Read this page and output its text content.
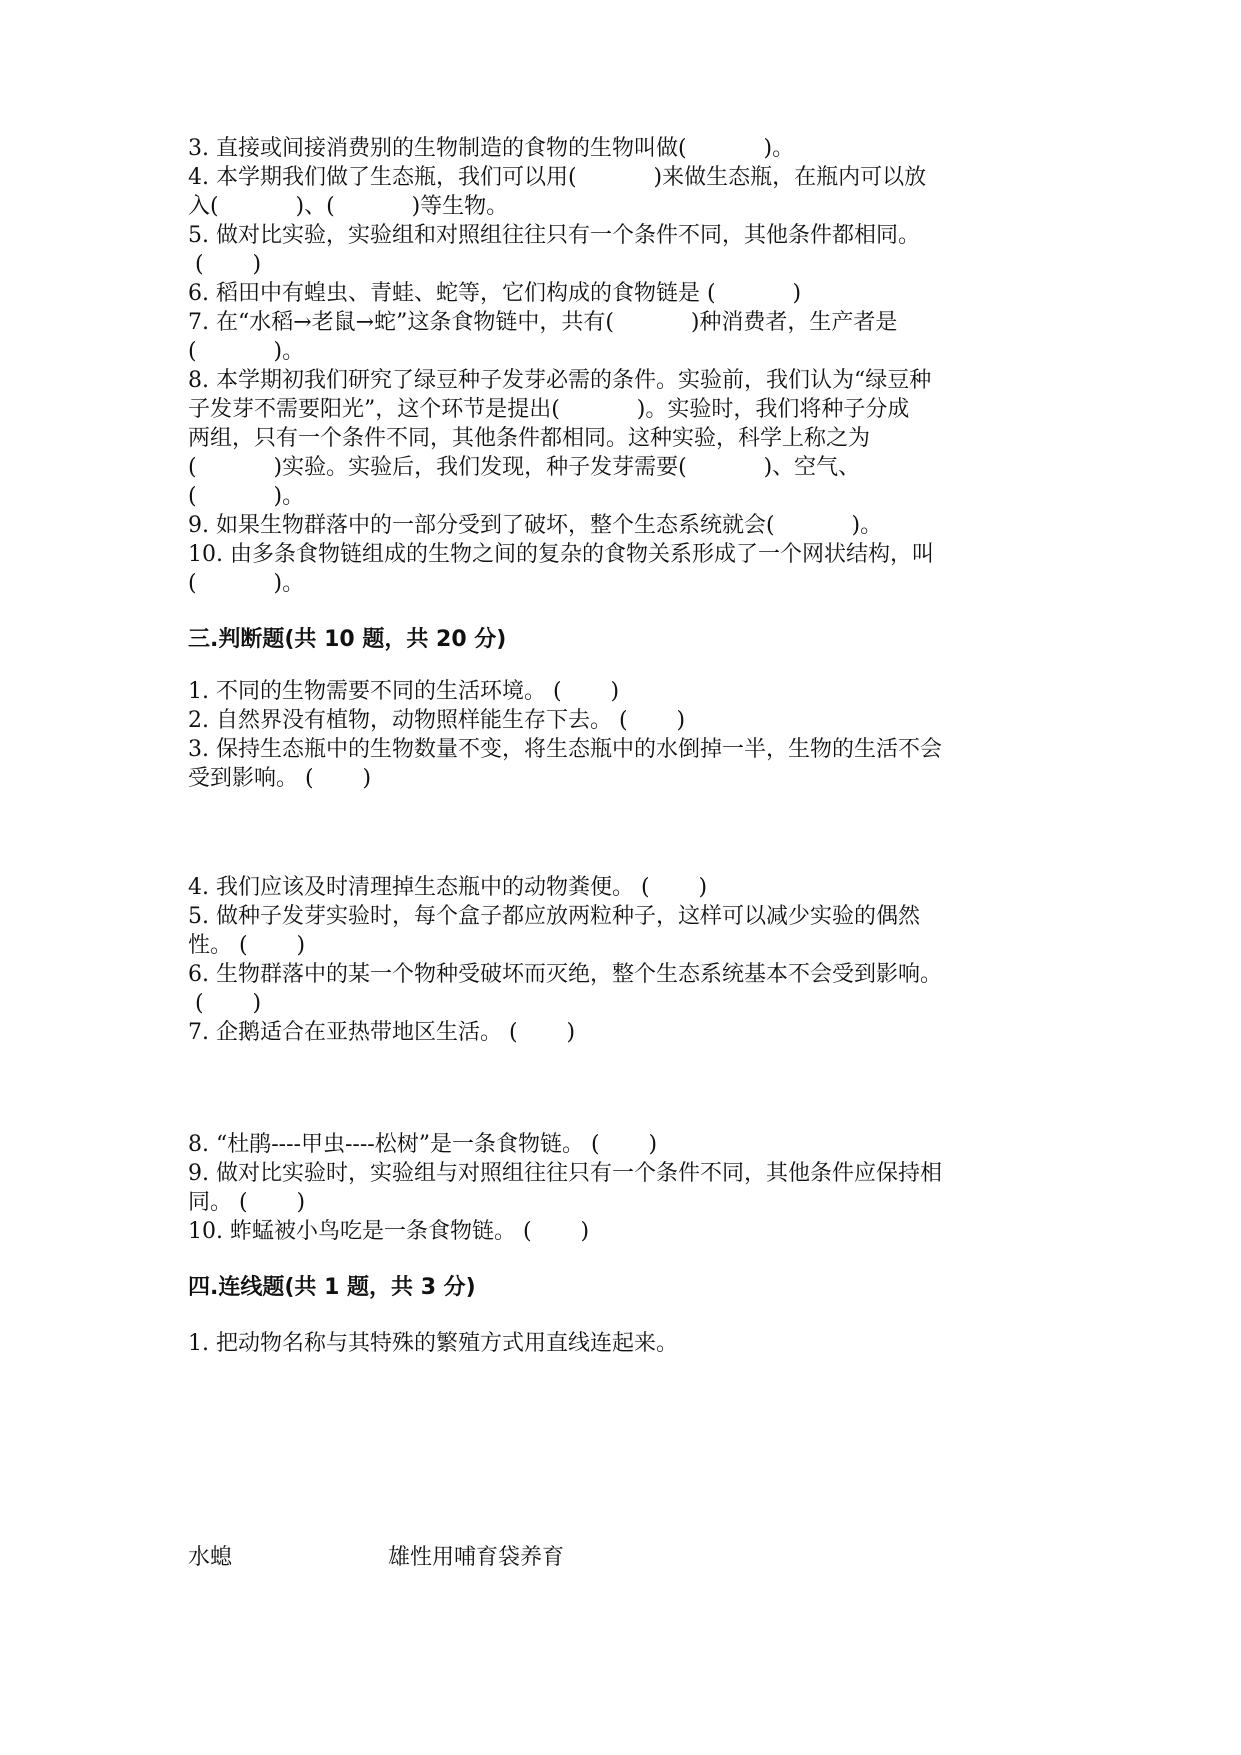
3. 直接或间接消费别的生物制造的食物的生物叫做(           )。
4. 本学期我们做了生态瓶，我们可以用(           )来做生态瓶，在瓶内可以放
入(           )、(           )等生物。
5. 做对比实验，实验组和对照组往往只有一个条件不同，其他条件都相同。
(       )
6. 稻田中有蝗虫、青蛙、蛇等，它们构成的食物链是 (           )
7. 在“水稻→老鼠→蛇”这条食物链中，共有(           )种消费者，生产者是
(           )。
8. 本学期初我们研究了绿豆种子发芽必需的条件。实验前，我们认为“绿豆种
子发芽不需要阳光”，这个环节是提出(           )。实验时，我们将种子分成
两组，只有一个条件不同，其他条件都相同。这种实验，科学上称之为
(           )实验。实验后，我们发现，种子发芽需要(           )、空气、
(           )。
9. 如果生物群落中的一部分受到了破坏，整个生态系统就会(           )。
10. 由多条食物链组成的生物之间的复杂的食物关系形成了一个网状结构，叫
(           )。
三.判断题(共 10 题，共 20 分)
1. 不同的生物需要不同的生活环境。 (       )
2. 自然界没有植物，动物照样能生存下去。 (       )
3. 保持生态瓶中的生物数量不变，将生态瓶中的水倒掉一半，生物的生活不会
受到影响。 (       )
4. 我们应该及时清理掉生态瓶中的动物粪便。 (       )
5. 做种子发芽实验时，每个盒子都应放两粒种子，这样可以减少实验的偶然
性。 (       )
6. 生物群落中的某一个物种受破坏而灭绝，整个生态系统基本不会受到影响。
(       )
7. 企鹅适合在亚热带地区生活。 (       )
8. “杜鹃----甲虫----松树”是一条食物链。 (       )
9. 做对比实验时，实验组与对照组往往只有一个条件不同，其他条件应保持相
同。 (       )
10. 蚱蜢被小鸟吃是一条食物链。 (       )
四.连线题(共 1 题，共 3 分)
1. 把动物名称与其特殊的繁殖方式用直线连起来。
水螅	雄性用哺育袋养育
